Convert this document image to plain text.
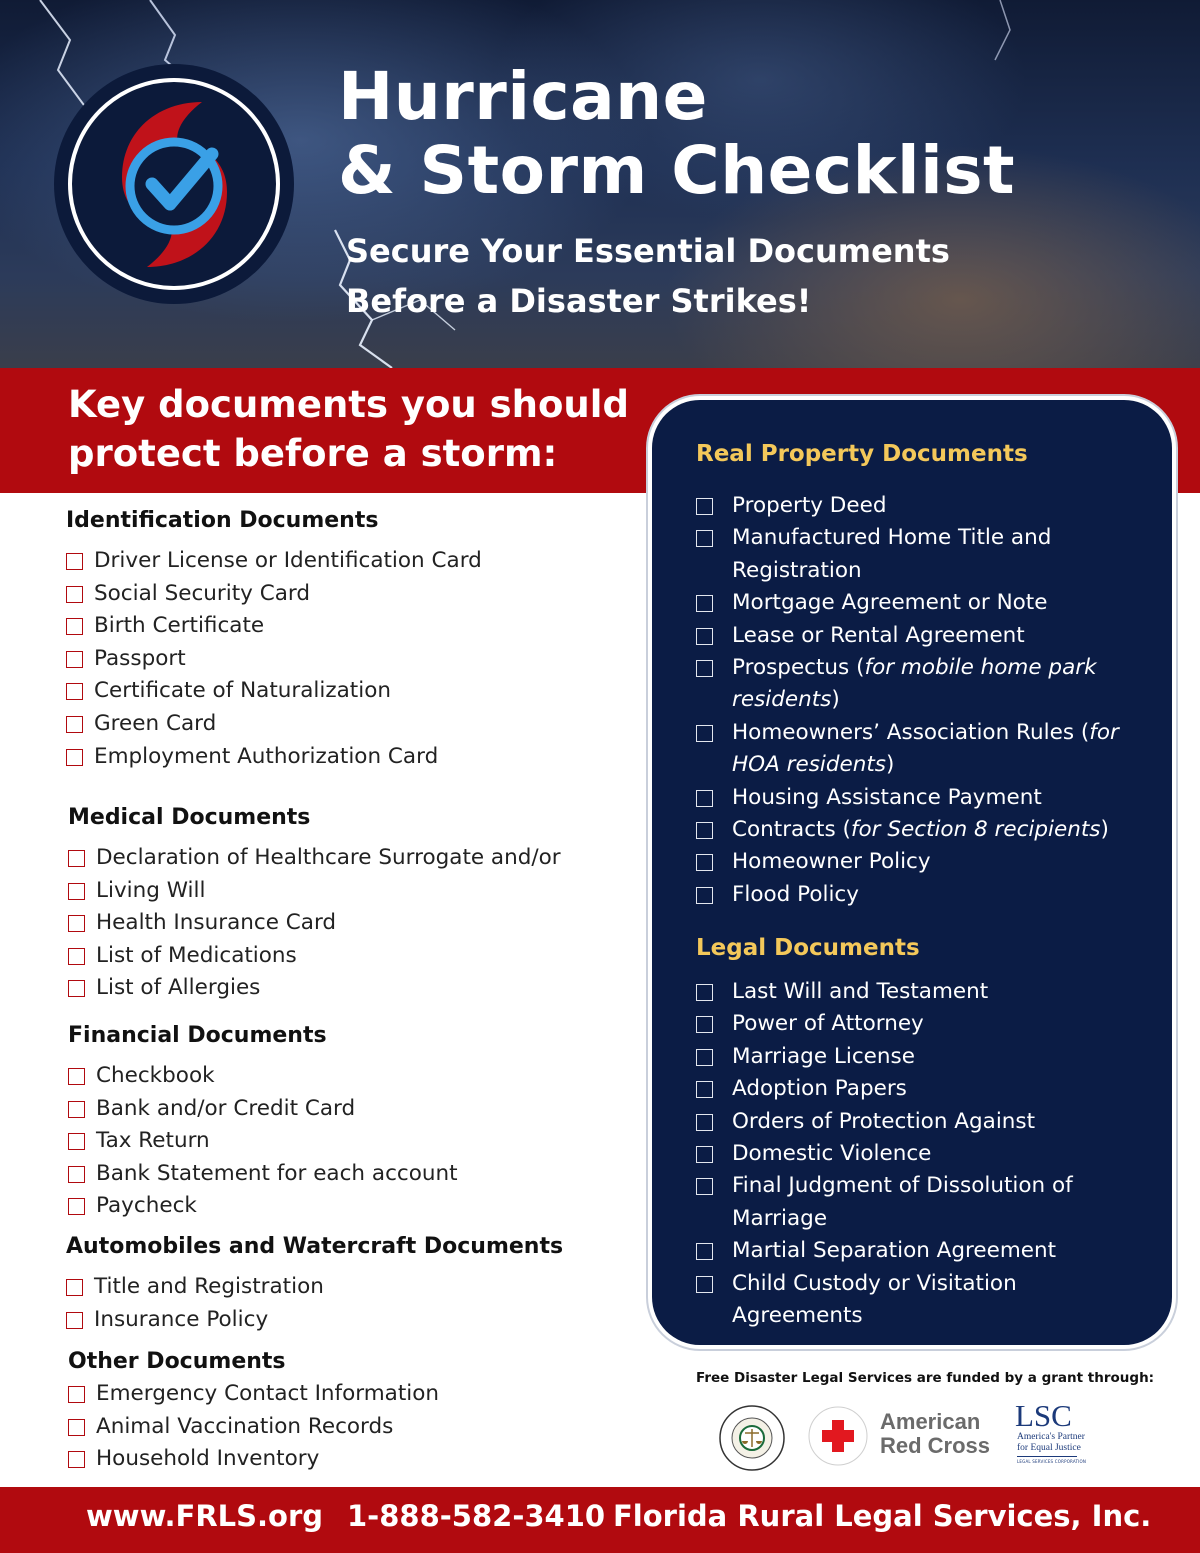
Hurricane
& Storm Checklist

Secure Your Essential Documents
Before a Disaster Strikes!

Key documents you should
protect before a storm:
Identification Documents
Driver License or Identification Card
Social Security Card
Birth Certificate
Passport
Certificate of Naturalization
Green Card
Employment Authorization Card
Medical Documents
Declaration of Healthcare Surrogate and/or
Living Will
Health Insurance Card
List of Medications
List of Allergies
Financial Documents
Checkbook
Bank and/or Credit Card
Tax Return
Bank Statement for each account
Paycheck
Automobiles and Watercraft Documents
Title and Registration
Insurance Policy
Other Documents
Emergency Contact Information
Animal Vaccination Records
Household Inventory
Real Property Documents
Property Deed
Manufactured Home Title and Registration
Mortgage Agreement or Note
Lease or Rental Agreement
Prospectus (for mobile home park residents)
Homeowners’ Association Rules (for HOA residents)
Housing Assistance Payment
Contracts (for Section 8 recipients)
Homeowner Policy
Flood Policy
Legal Documents
Last Will and Testament
Power of Attorney
Marriage License
Adoption Papers
Orders of Protection Against
Domestic Violence
Final Judgment of Dissolution of Marriage
Martial Separation Agreement
Child Custody or Visitation Agreements

Free Disaster Legal Services are funded by a grant through:

American
Red Cross

LSC

America's Partner
for Equal Justice

LEGAL SERVICES CORPORATION

www.FRLS.org 1-888-582-3410 Florida Rural Legal Services, Inc.
